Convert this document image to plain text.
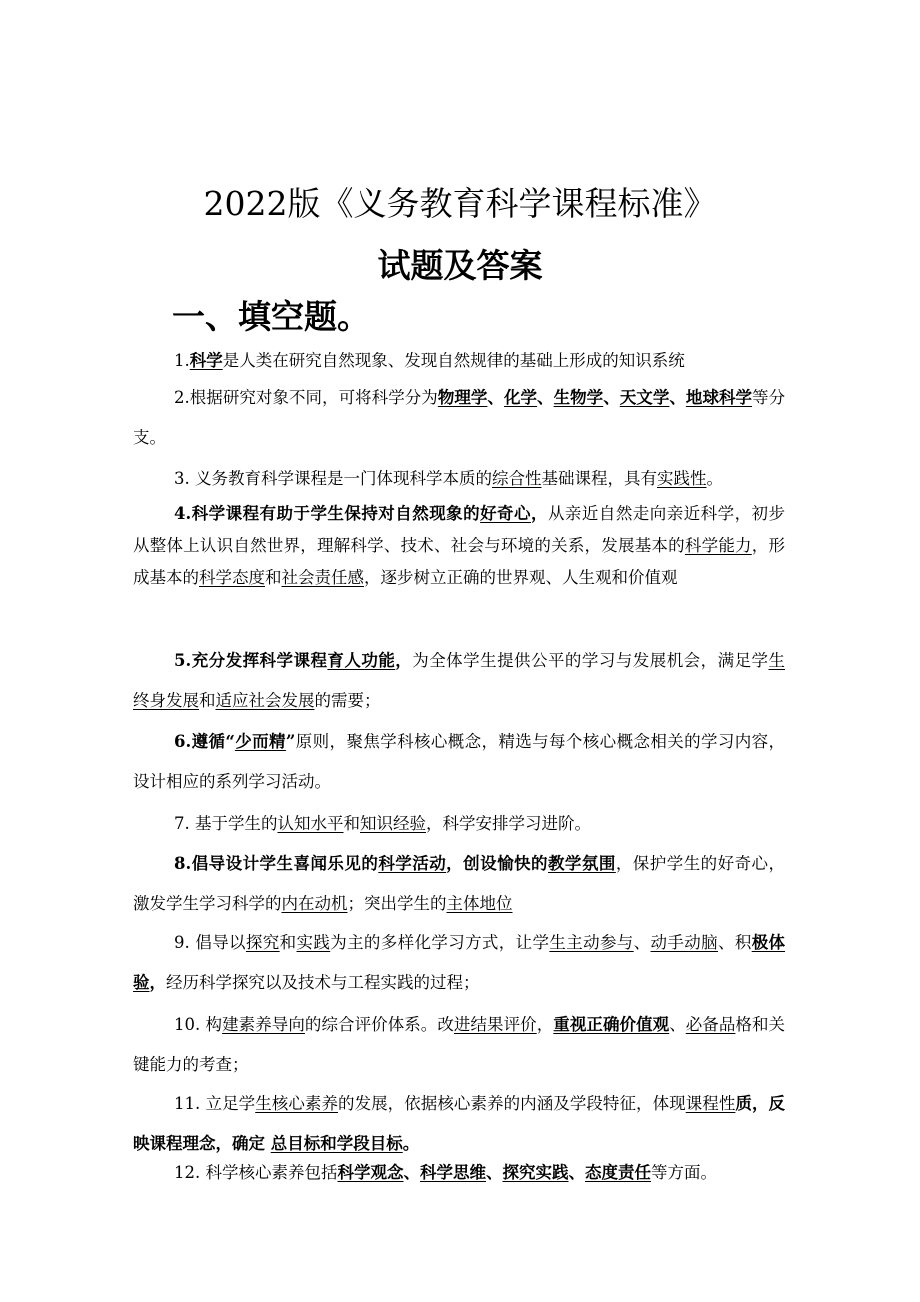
2022版《义务教育科学课程标准》
试题及答案
一、填空题。
1.科学是人类在研究自然现象、发现自然规律的基础上形成的知识系统
2.根据研究对象不同，可将科学分为物理学、化学、生物学、天文学、地球科学等分支。
3. 义务教育科学课程是一门体现科学本质的综合性基础课程，具有实践性。
4.科学课程有助于学生保持对自然现象的好奇心，从亲近自然走向亲近科学，初步从整体上认识自然世界，理解科学、技术、社会与环境的关系，发展基本的科学能力，形成基本的科学态度和社会责任感，逐步树立正确的世界观、人生观和价值观
5.充分发挥科学课程育人功能，为全体学生提供公平的学习与发展机会，满足学生终身发展和适应社会发展的需要；
6.遵循“少而精”原则，聚焦学科核心概念，精选与每个核心概念相关的学习内容，设计相应的系列学习活动。
7. 基于学生的认知水平和知识经验，科学安排学习进阶。
8.倡导设计学生喜闻乐见的科学活动，创设愉快的教学氛围，保护学生的好奇心，激发学生学习科学的内在动机；突出学生的主体地位
9. 倡导以探究和实践为主的多样化学习方式，让学生主动参与、动手动脑、积极体验，经历科学探究以及技术与工程实践的过程；
10. 构建素养导向的综合评价体系。改进结果评价，重视正确价值观、必备品格和关键能力的考查；
11. 立足学生核心素养的发展，依据核心素养的内涵及学段特征，体现课程性质，反映课程理念，确定 总目标和学段目标。
12. 科学核心素养包括科学观念、科学思维、探究实践、态度责任等方面。
